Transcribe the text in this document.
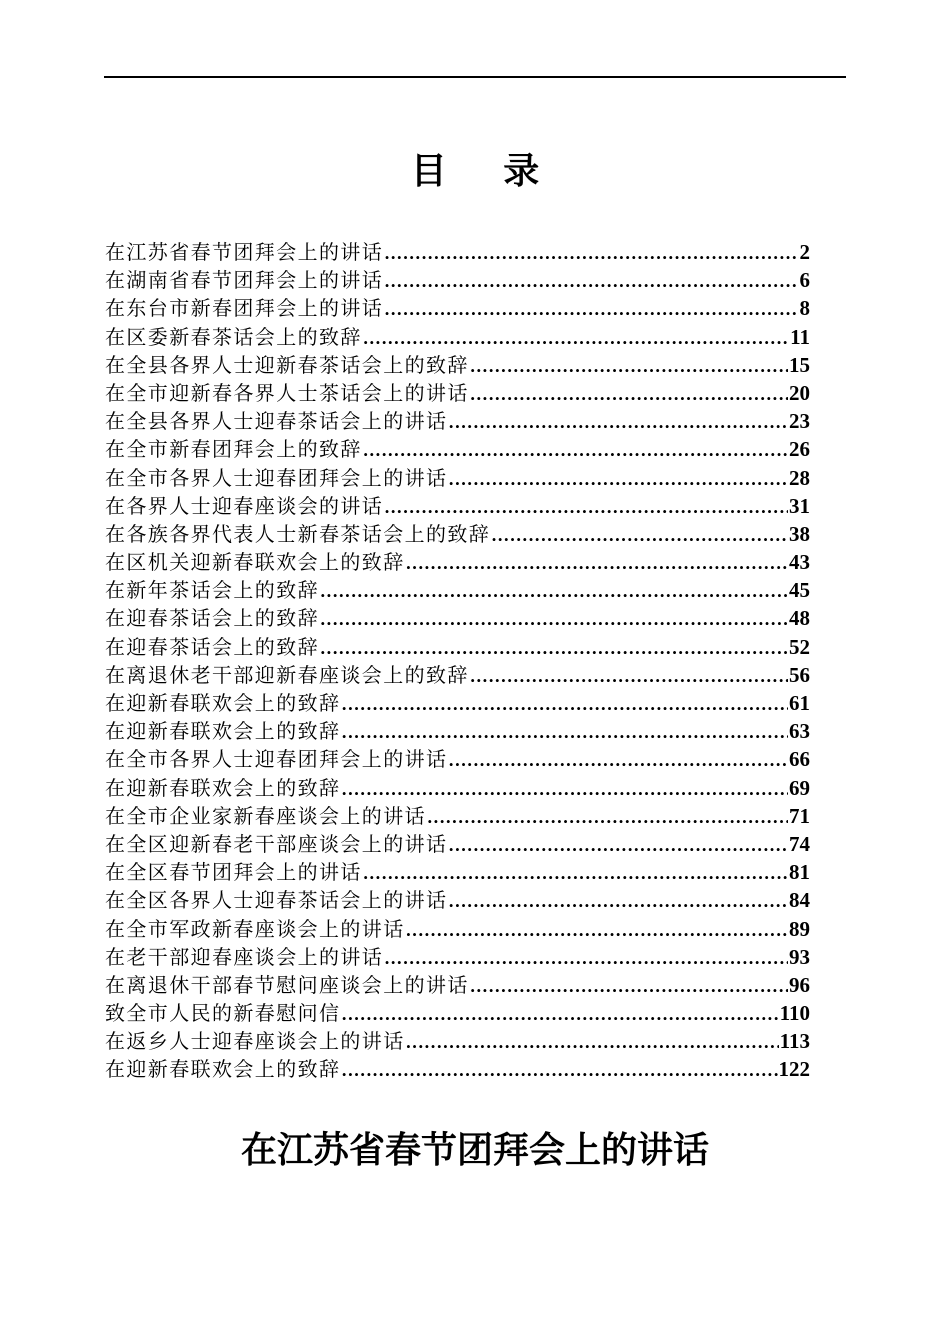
目 录
在江苏省春节团拜会上的讲话 .....	2
在湖南省春节团拜会上的讲话 .....	6
在东台市新春团拜会上的讲话 .....	8
在区委新春茶话会上的致辞 .....	11
在全县各界人士迎新春茶话会上的致辞 .....	15
在全市迎新春各界人士茶话会上的讲话 .....	20
在全县各界人士迎春茶话会上的讲话 .....	23
在全市新春团拜会上的致辞 .....	26
在全市各界人士迎春团拜会上的讲话 .....	28
在各界人士迎春座谈会的讲话 .....	31
在各族各界代表人士新春茶话会上的致辞 .....	38
在区机关迎新春联欢会上的致辞 .....	43
在新年茶话会上的致辞 .....	45
在迎春茶话会上的致辞 .....	48
在迎春茶话会上的致辞 .....	52
在离退休老干部迎新春座谈会上的致辞 .....	56
在迎新春联欢会上的致辞 .....	61
在迎新春联欢会上的致辞 .....	63
在全市各界人士迎春团拜会上的讲话 .....	66
在迎新春联欢会上的致辞 .....	69
在全市企业家新春座谈会上的讲话 .....	71
在全区迎新春老干部座谈会上的讲话 .....	74
在全区春节团拜会上的讲话 .....	81
在全区各界人士迎春茶话会上的讲话 .....	84
在全市军政新春座谈会上的讲话 .....	89
在老干部迎春座谈会上的讲话 .....	93
在离退休干部春节慰问座谈会上的讲话 .....	96
致全市人民的新春慰问信 .....	110
在返乡人士迎春座谈会上的讲话 .....	113
在迎新春联欢会上的致辞 .....	122
在江苏省春节团拜会上的讲话
